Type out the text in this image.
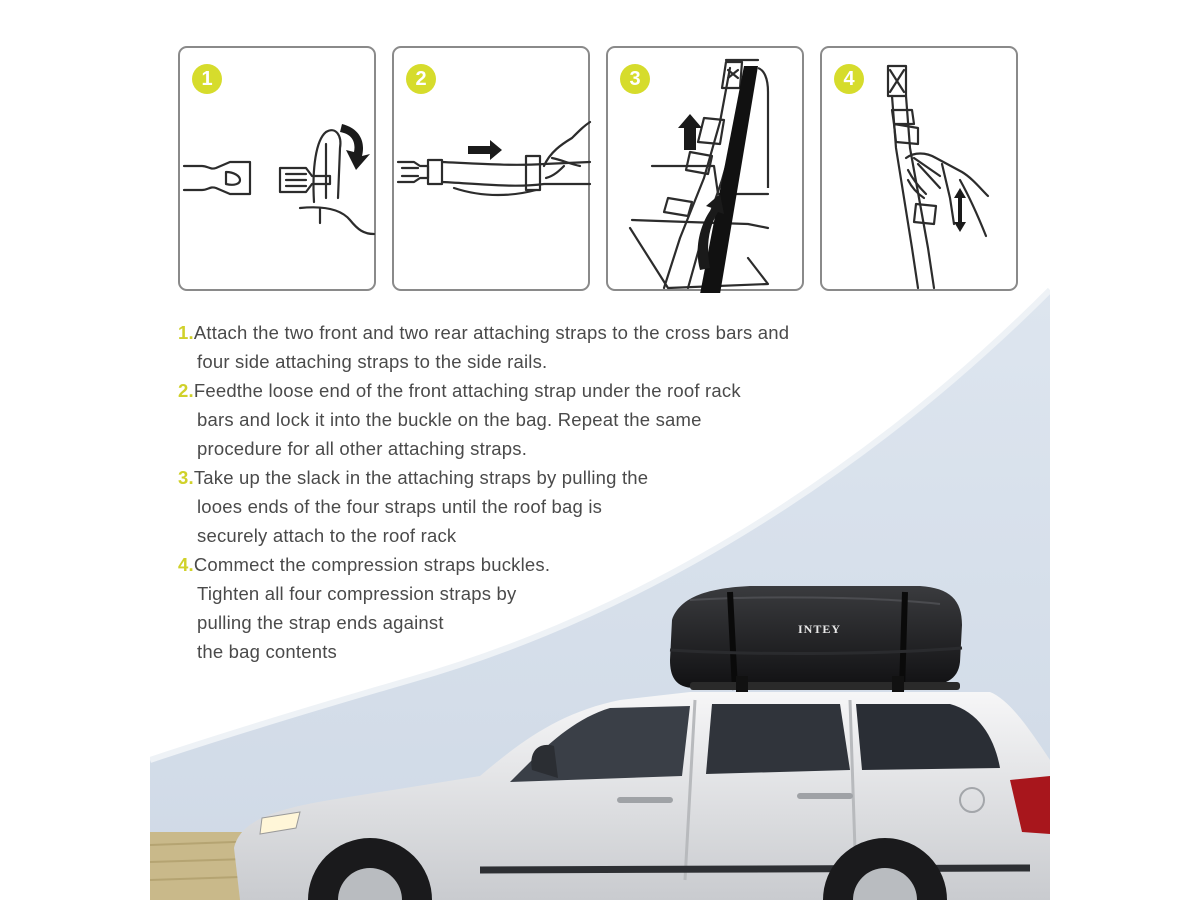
INTEY
1	2	3	4
1.Attach the two front and two rear attaching straps to the cross bars and
four side attaching straps to the side rails.
2.Feedthe loose end of the front attaching strap under the roof rack
bars and lock it into the buckle on the bag. Repeat the same
procedure for all other attaching straps.
3.Take up the slack in the attaching straps by pulling the
looes ends of the four straps until the roof bag is
securely attach to the roof rack
4.Commect the compression straps buckles.
Tighten all four compression straps by
pulling the strap ends against
the bag contents
